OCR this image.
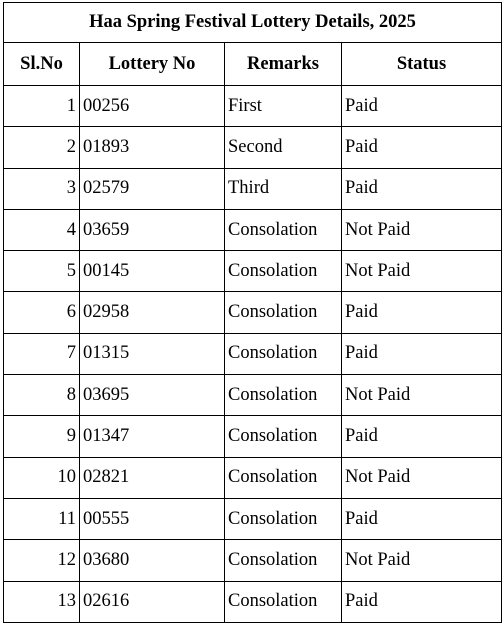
Haa Spring Festival Lottery Details, 2025			
Sl.No	Lottery No	Remarks	Status
1	00256	First	Paid
2	01893	Second	Paid
3	02579	Third	Paid
4	03659	Consolation	Not Paid
5	00145	Consolation	Not Paid
6	02958	Consolation	Paid
7	01315	Consolation	Paid
8	03695	Consolation	Not Paid
9	01347	Consolation	Paid
10	02821	Consolation	Not Paid
11	00555	Consolation	Paid
12	03680	Consolation	Not Paid
13	02616	Consolation	Paid
